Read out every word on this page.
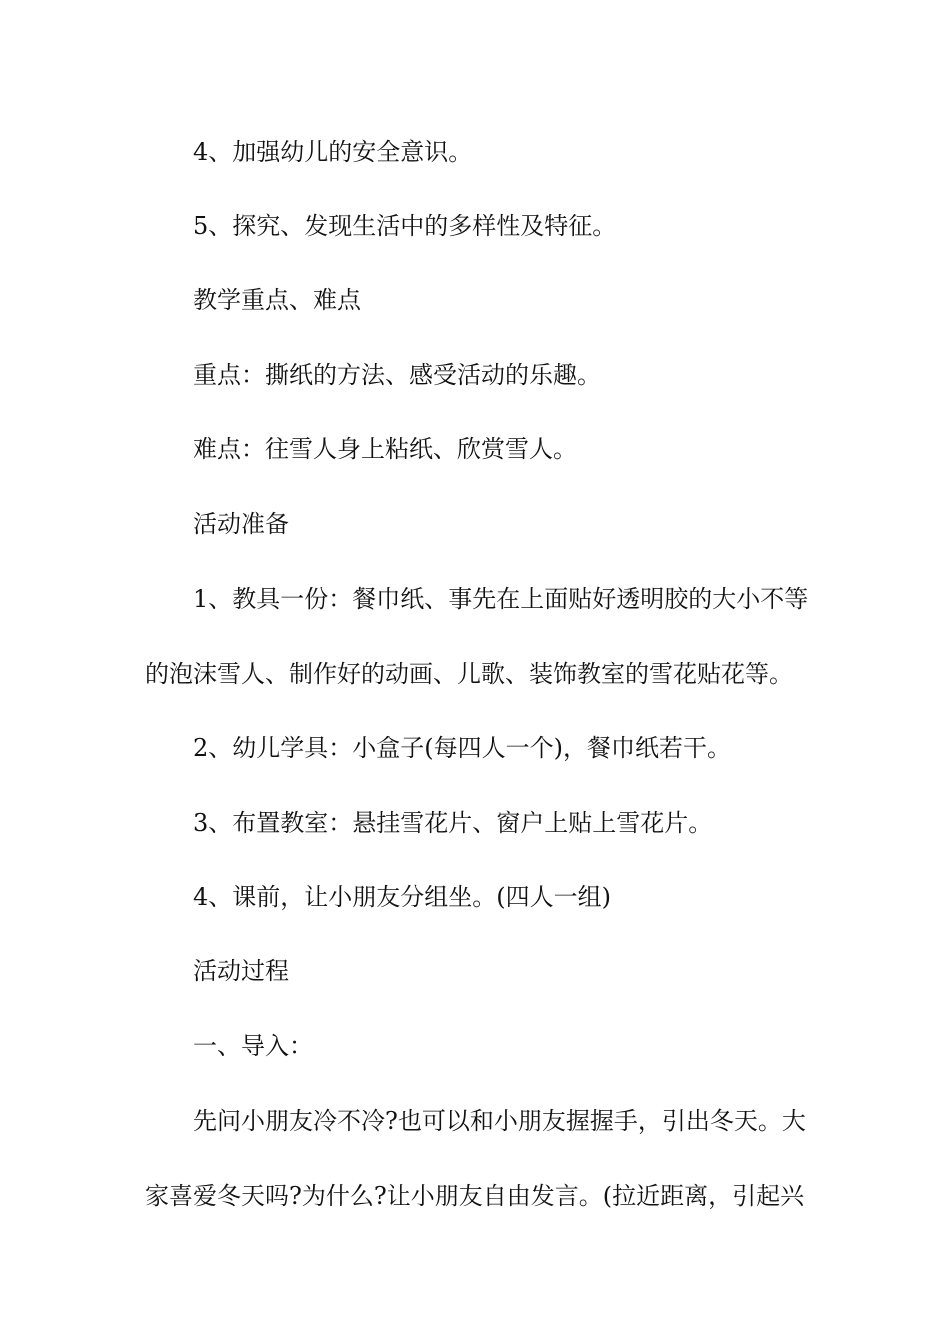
4、加强幼儿的安全意识。
5、探究、发现生活中的多样性及特征。
教学重点、难点
重点：撕纸的方法、感受活动的乐趣。
难点：往雪人身上粘纸、欣赏雪人。
活动准备
1、教具一份：餐巾纸、事先在上面贴好透明胶的大小不等
的泡沫雪人、制作好的动画、儿歌、装饰教室的雪花贴花等。
2、幼儿学具：小盒子(每四人一个)，餐巾纸若干。
3、布置教室：悬挂雪花片、窗户上贴上雪花片。
4、课前，让小朋友分组坐。(四人一组)
活动过程
一、导入：
先问小朋友冷不冷?也可以和小朋友握握手，引出冬天。大
家喜爱冬天吗?为什么?让小朋友自由发言。(拉近距离，引起兴
